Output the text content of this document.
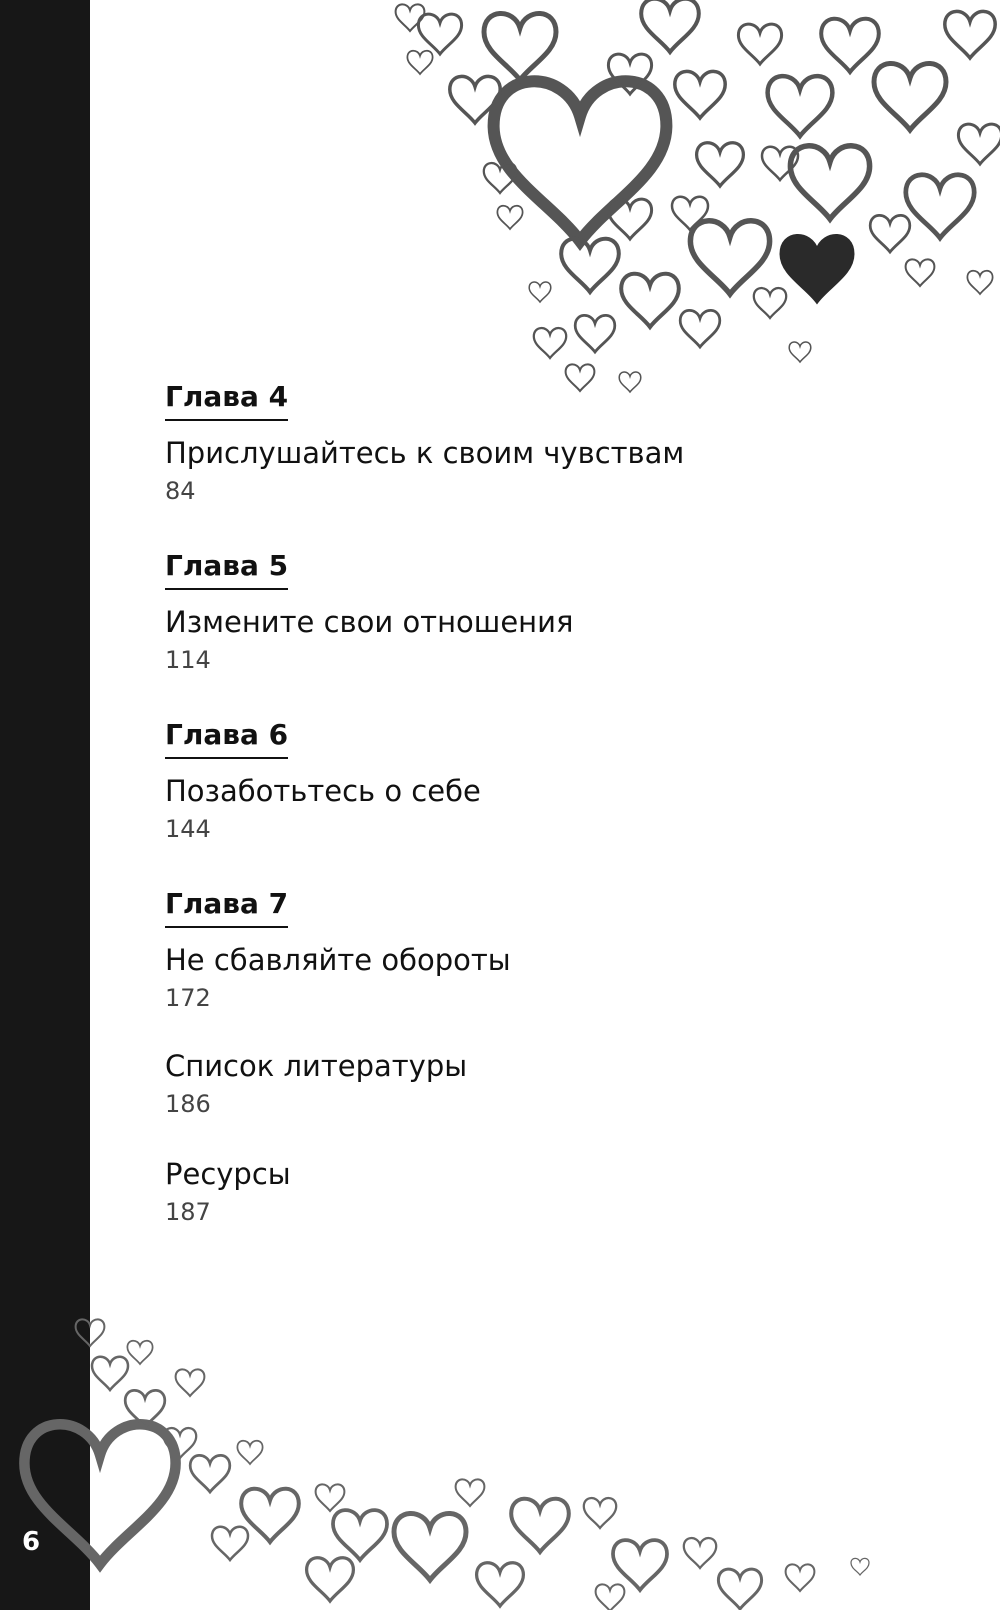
6
Глава 4
Прислушайтесь к своим чувствам
84
Глава 5
Измените свои отношения
114
Глава 6
Позаботьтесь о себе
144
Глава 7
Не сбавляйте обороты
172
Список литературы
186
Ресурсы
187
